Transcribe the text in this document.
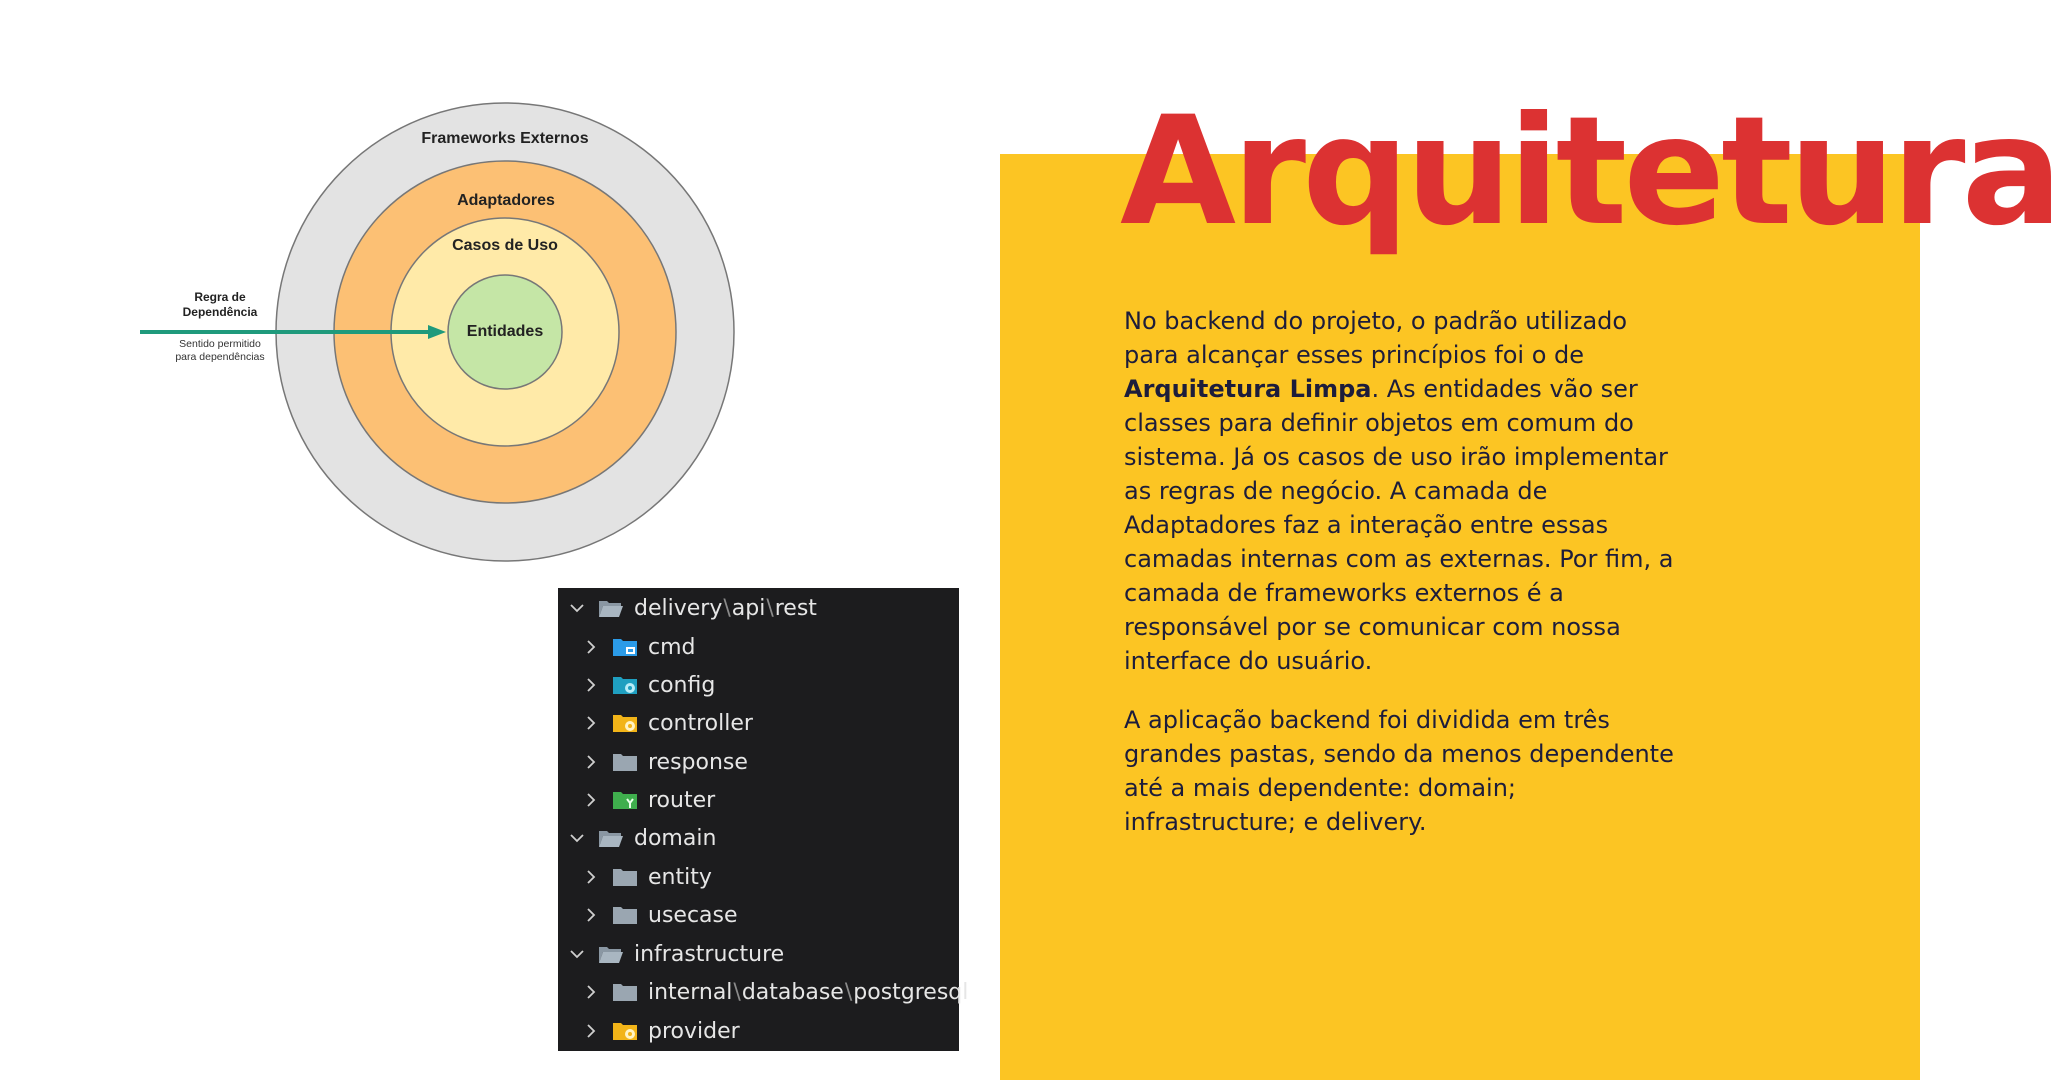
Arquitetura

No backend do projeto, o padrão utilizado para alcançar esses princípios foi o de Arquitetura Limpa. As entidades vão ser classes para definir objetos em comum do sistema. Já os casos de uso irão implementar as regras de negócio. A camada de Adaptadores faz a interação entre essas camadas internas com as externas. Por fim, a camada de frameworks externos é a responsável por se comunicar com nossa interface do usuário.

A aplicação backend foi dividida em três grandes pastas, sendo da menos dependente até a mais dependente: domain; infrastructure; e delivery.

Frameworks Externos
Adaptadores
Casos de Uso
Entidades
Regra de
Dependência
Sentido permitido
para dependências
delivery \ api \ rest
cmd
config
controller
response
router
domain
entity
usecase
infrastructure
internal \ database \ postgresql
provider
